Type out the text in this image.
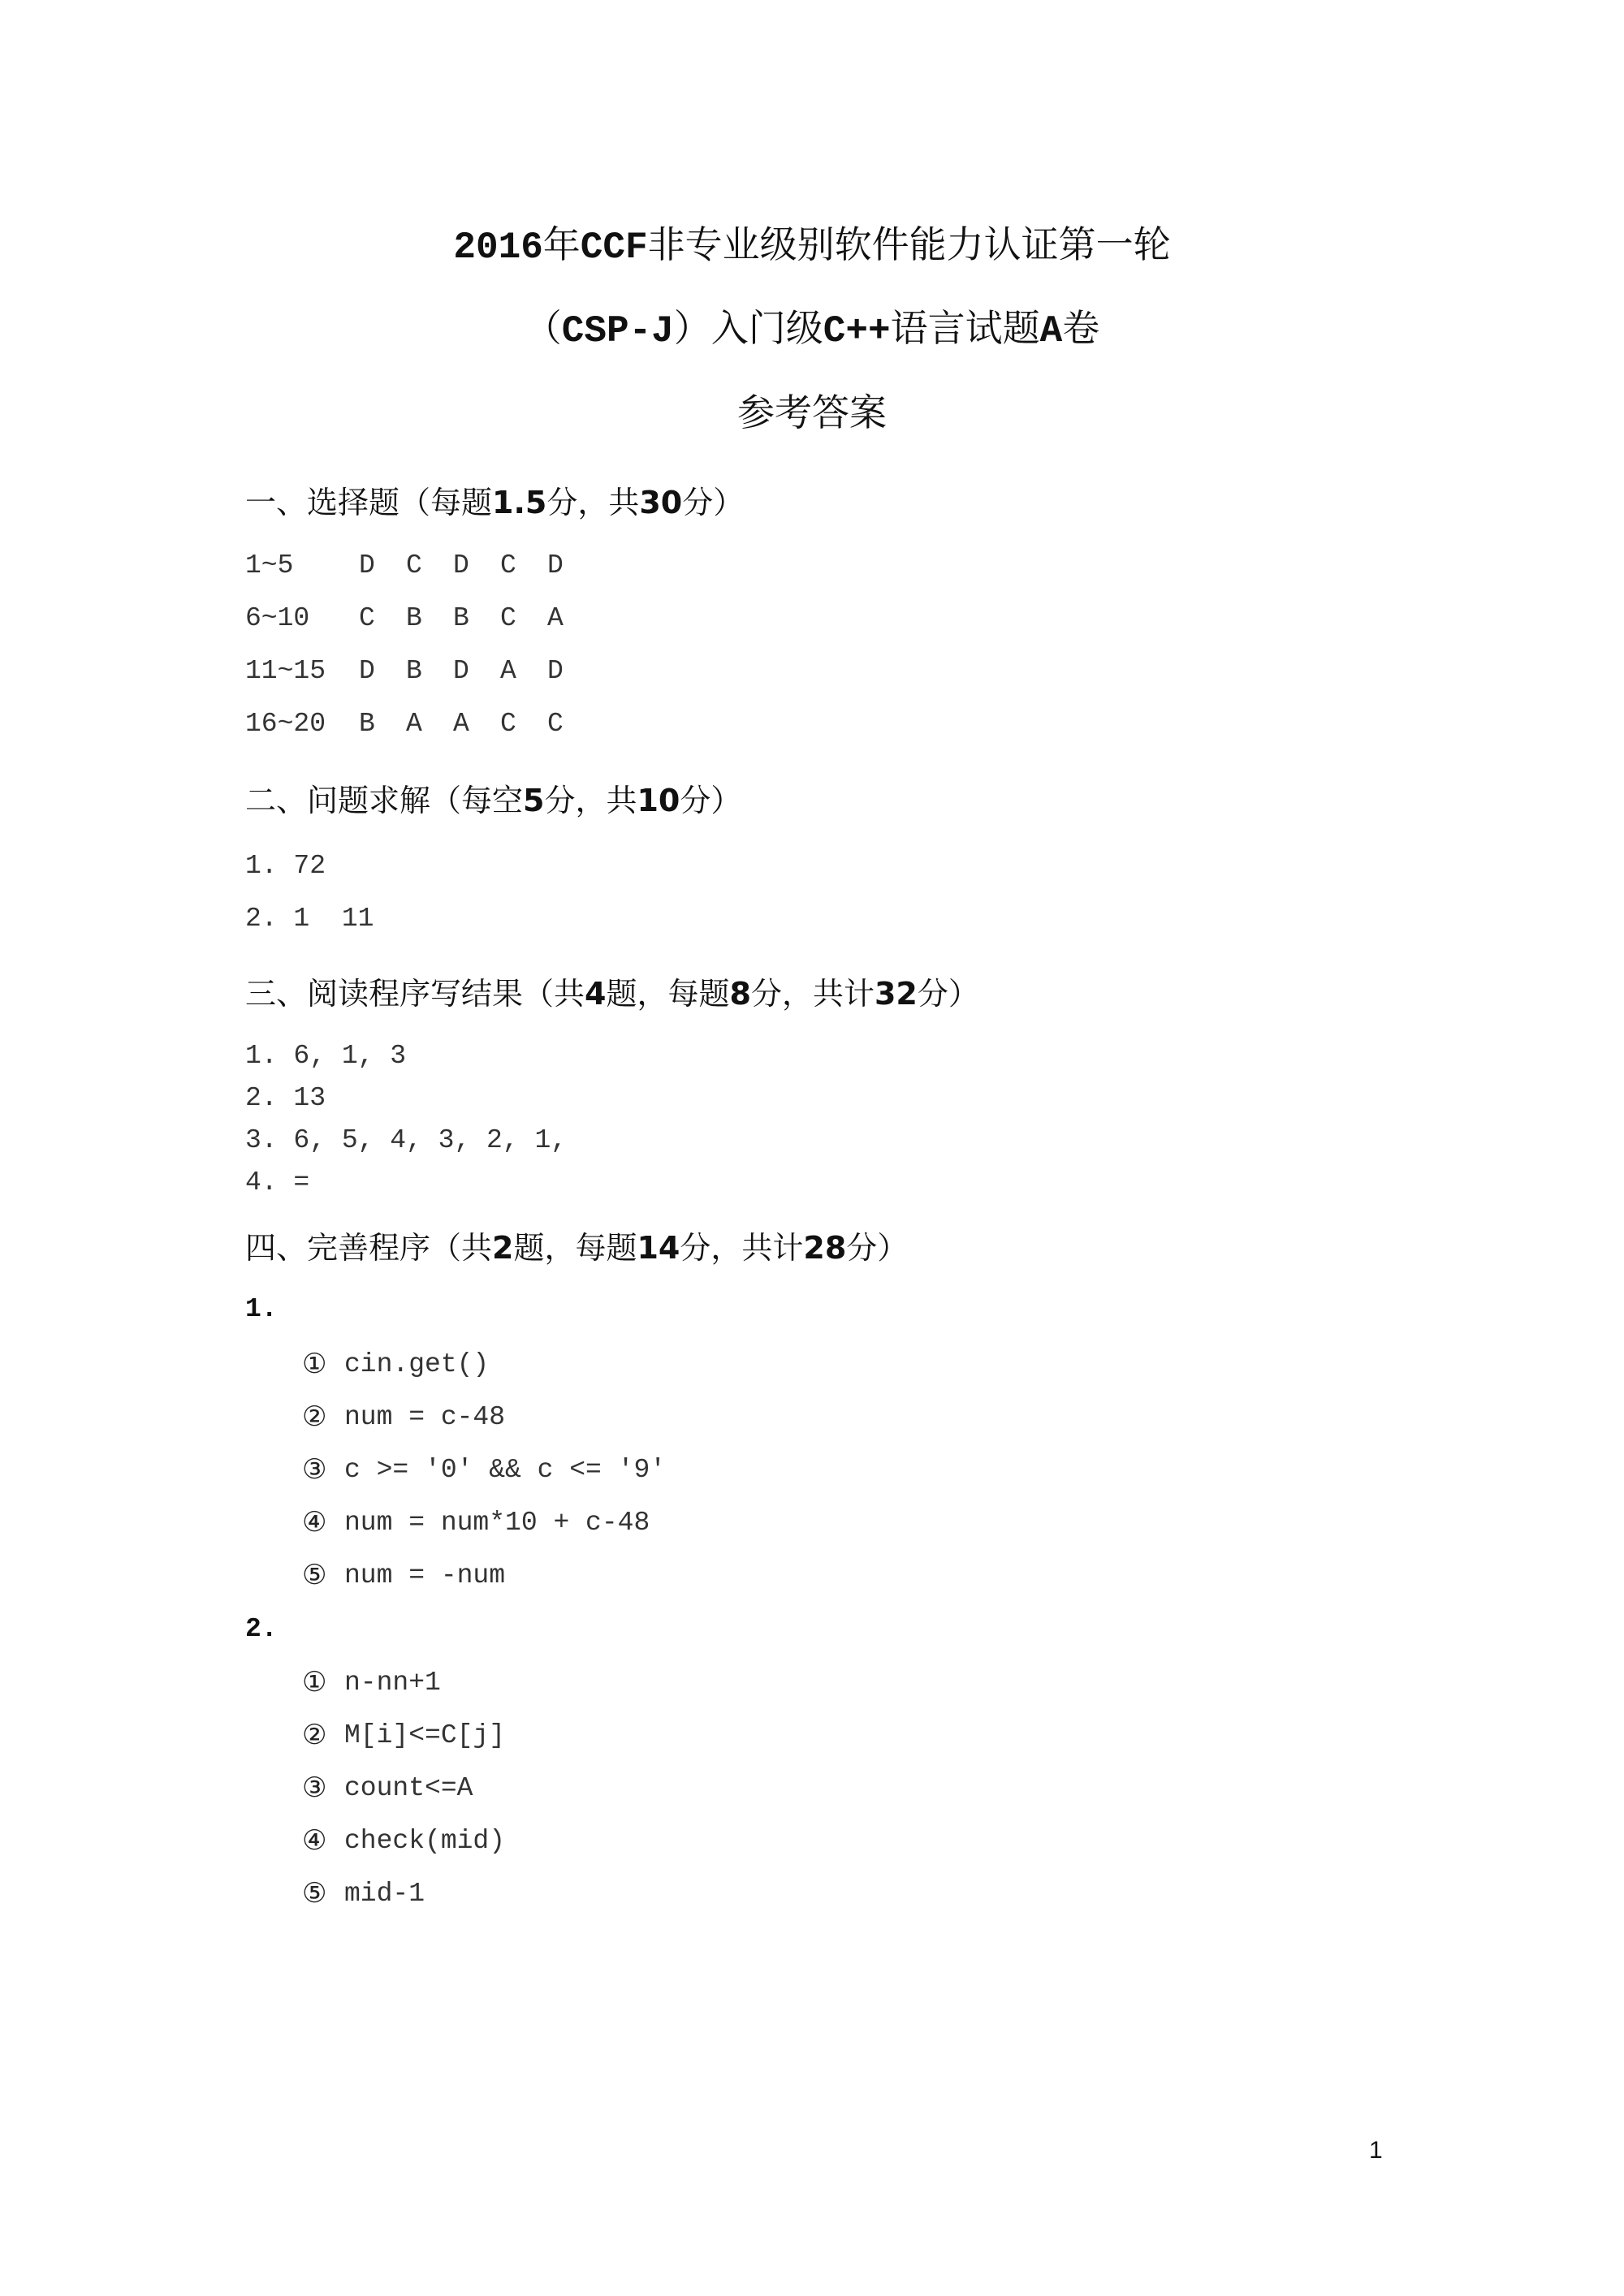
2016年CCF非专业级别软件能力认证第一轮
（CSP-J）入门级C++语言试题A卷
参考答案
一、选择题（每题1.5分，共30分）
1~5	D	C	D	C	D
6~10	C	B	B	C	A
11~15	D	B	D	A	D
16~20	B	A	A	C	C
二、问题求解（每空5分，共10分）
1. 72
2. 1  11
三、阅读程序写结果（共4题，每题8分，共计32分）
1. 6, 1, 3
2. 13
3. 6, 5, 4, 3, 2, 1,
4. =
四、完善程序（共2题，每题14分，共计28分）
1.
① cin.get()
② num = c-48
③ c >= '0' && c <= '9'
④ num = num*10 + c-48
⑤ num = -num
2.
① n-nn+1
② M[i]<=C[j]
③ count<=A
④ check(mid)
⑤ mid-1
1
